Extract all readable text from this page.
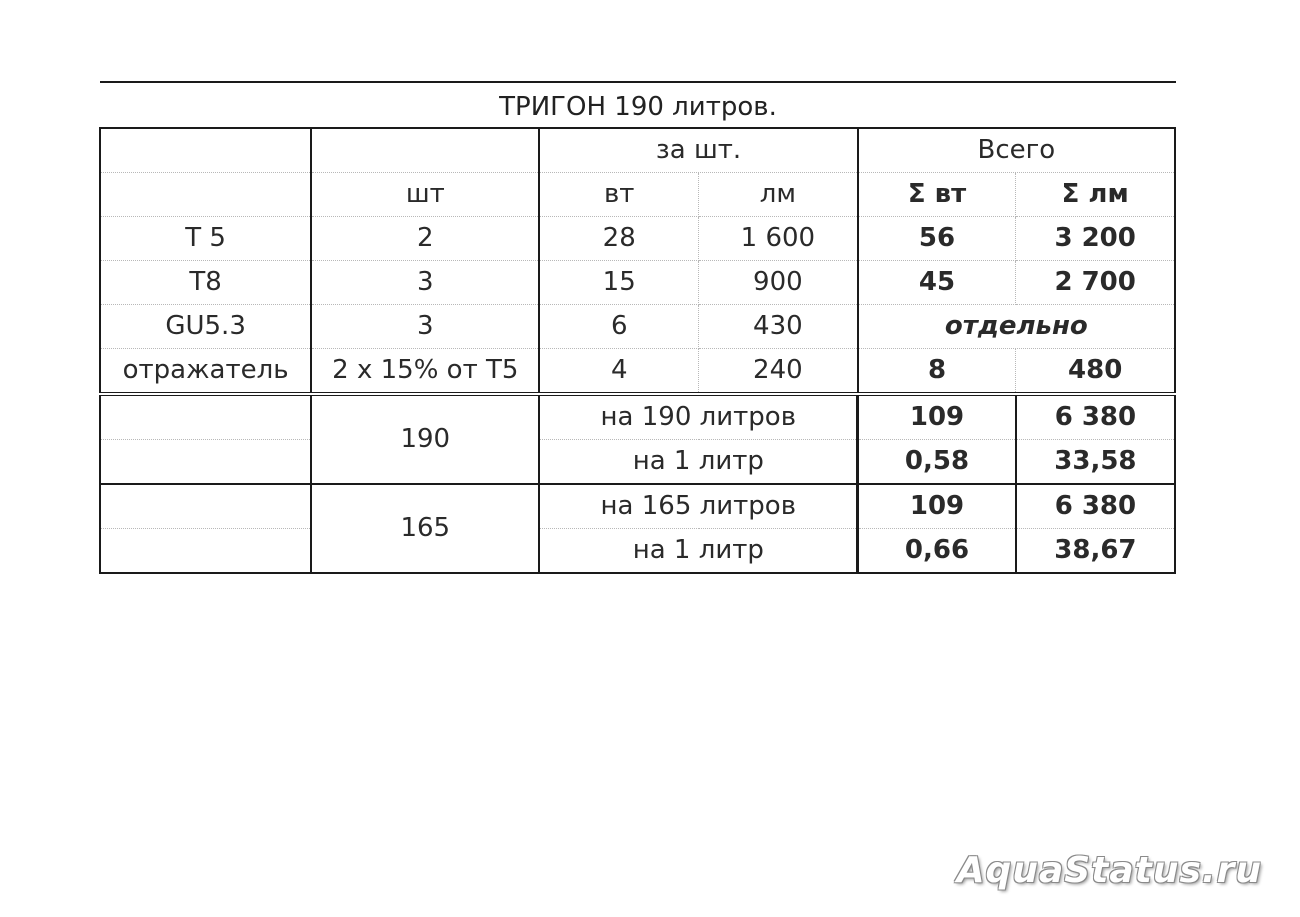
ТРИГОН 190 литров.
		за шт.		Всего	
	шт	вт	лм	Σ вт	Σ лм
Т 5	2	28	1 600	56	3 200
Т8	3	15	900	45	2 700
GU5.3	3	6	430	отдельно	
отражатель	2 х 15% от Т5	4	240	8	480
	190	на 190 литров		109	6 380
		на 1 литр		0,58	33,58
	165	на 165 литров		109	6 380
		на 1 литр		0,66	38,67
AquaStatus.ru
